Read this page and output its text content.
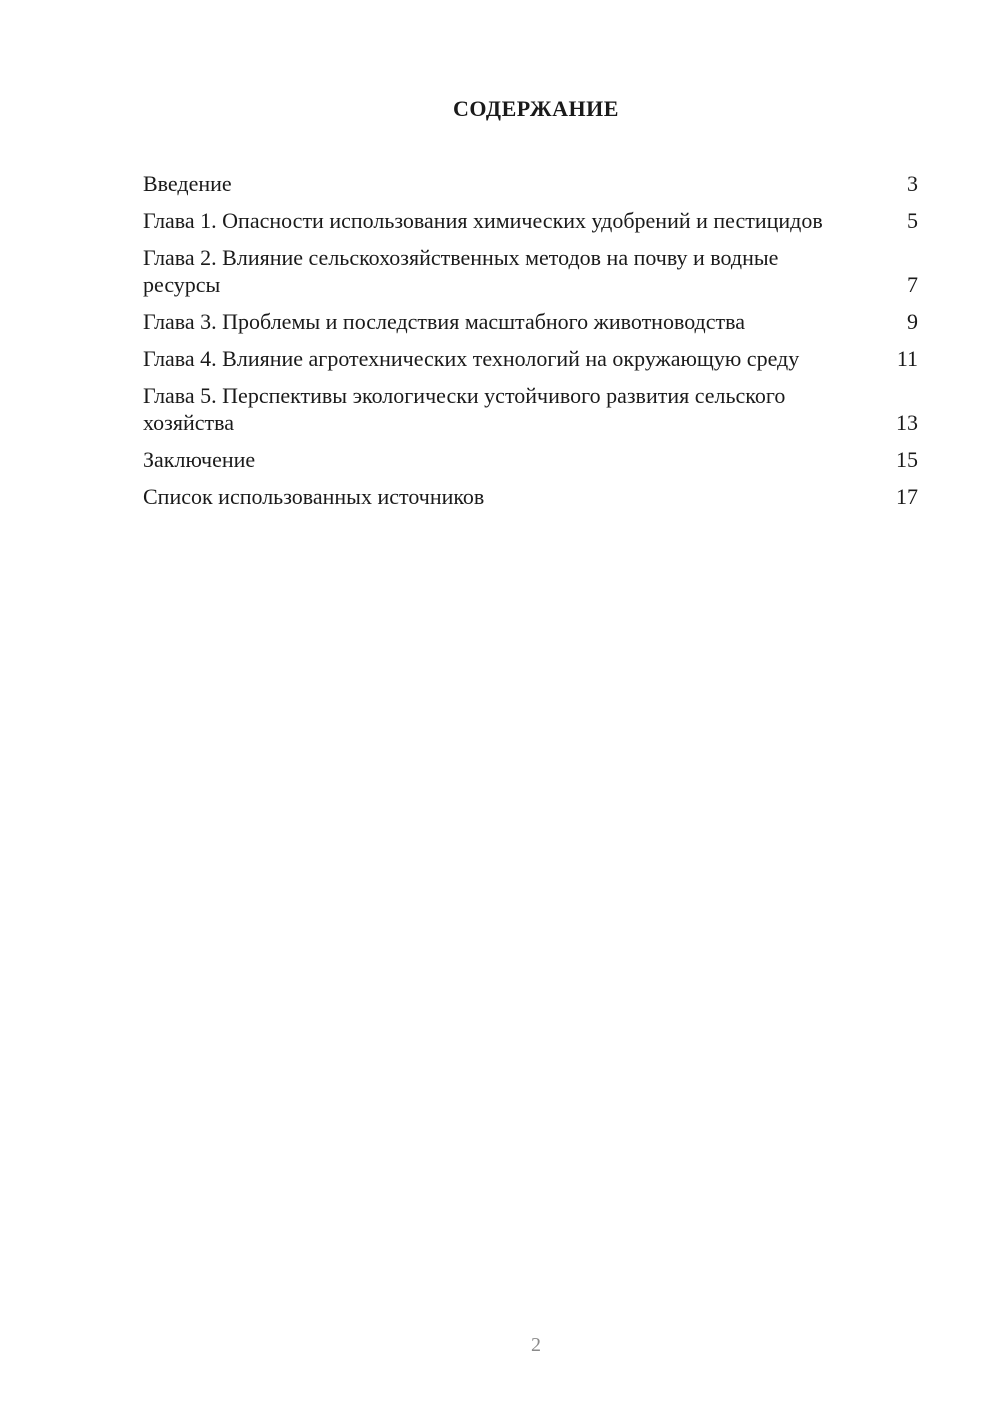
СОДЕРЖАНИЕ
Введение	3
Глава 1. Опасности использования химических удобрений и пестицидов	5
Глава 2. Влияние сельскохозяйственных методов на почву и водные ресурсы	7
Глава 3. Проблемы и последствия масштабного животноводства	9
Глава 4. Влияние агротехнических технологий на окружающую среду	11
Глава 5. Перспективы экологически устойчивого развития сельского хозяйства	13
Заключение	15
Список использованных источников	17
2
